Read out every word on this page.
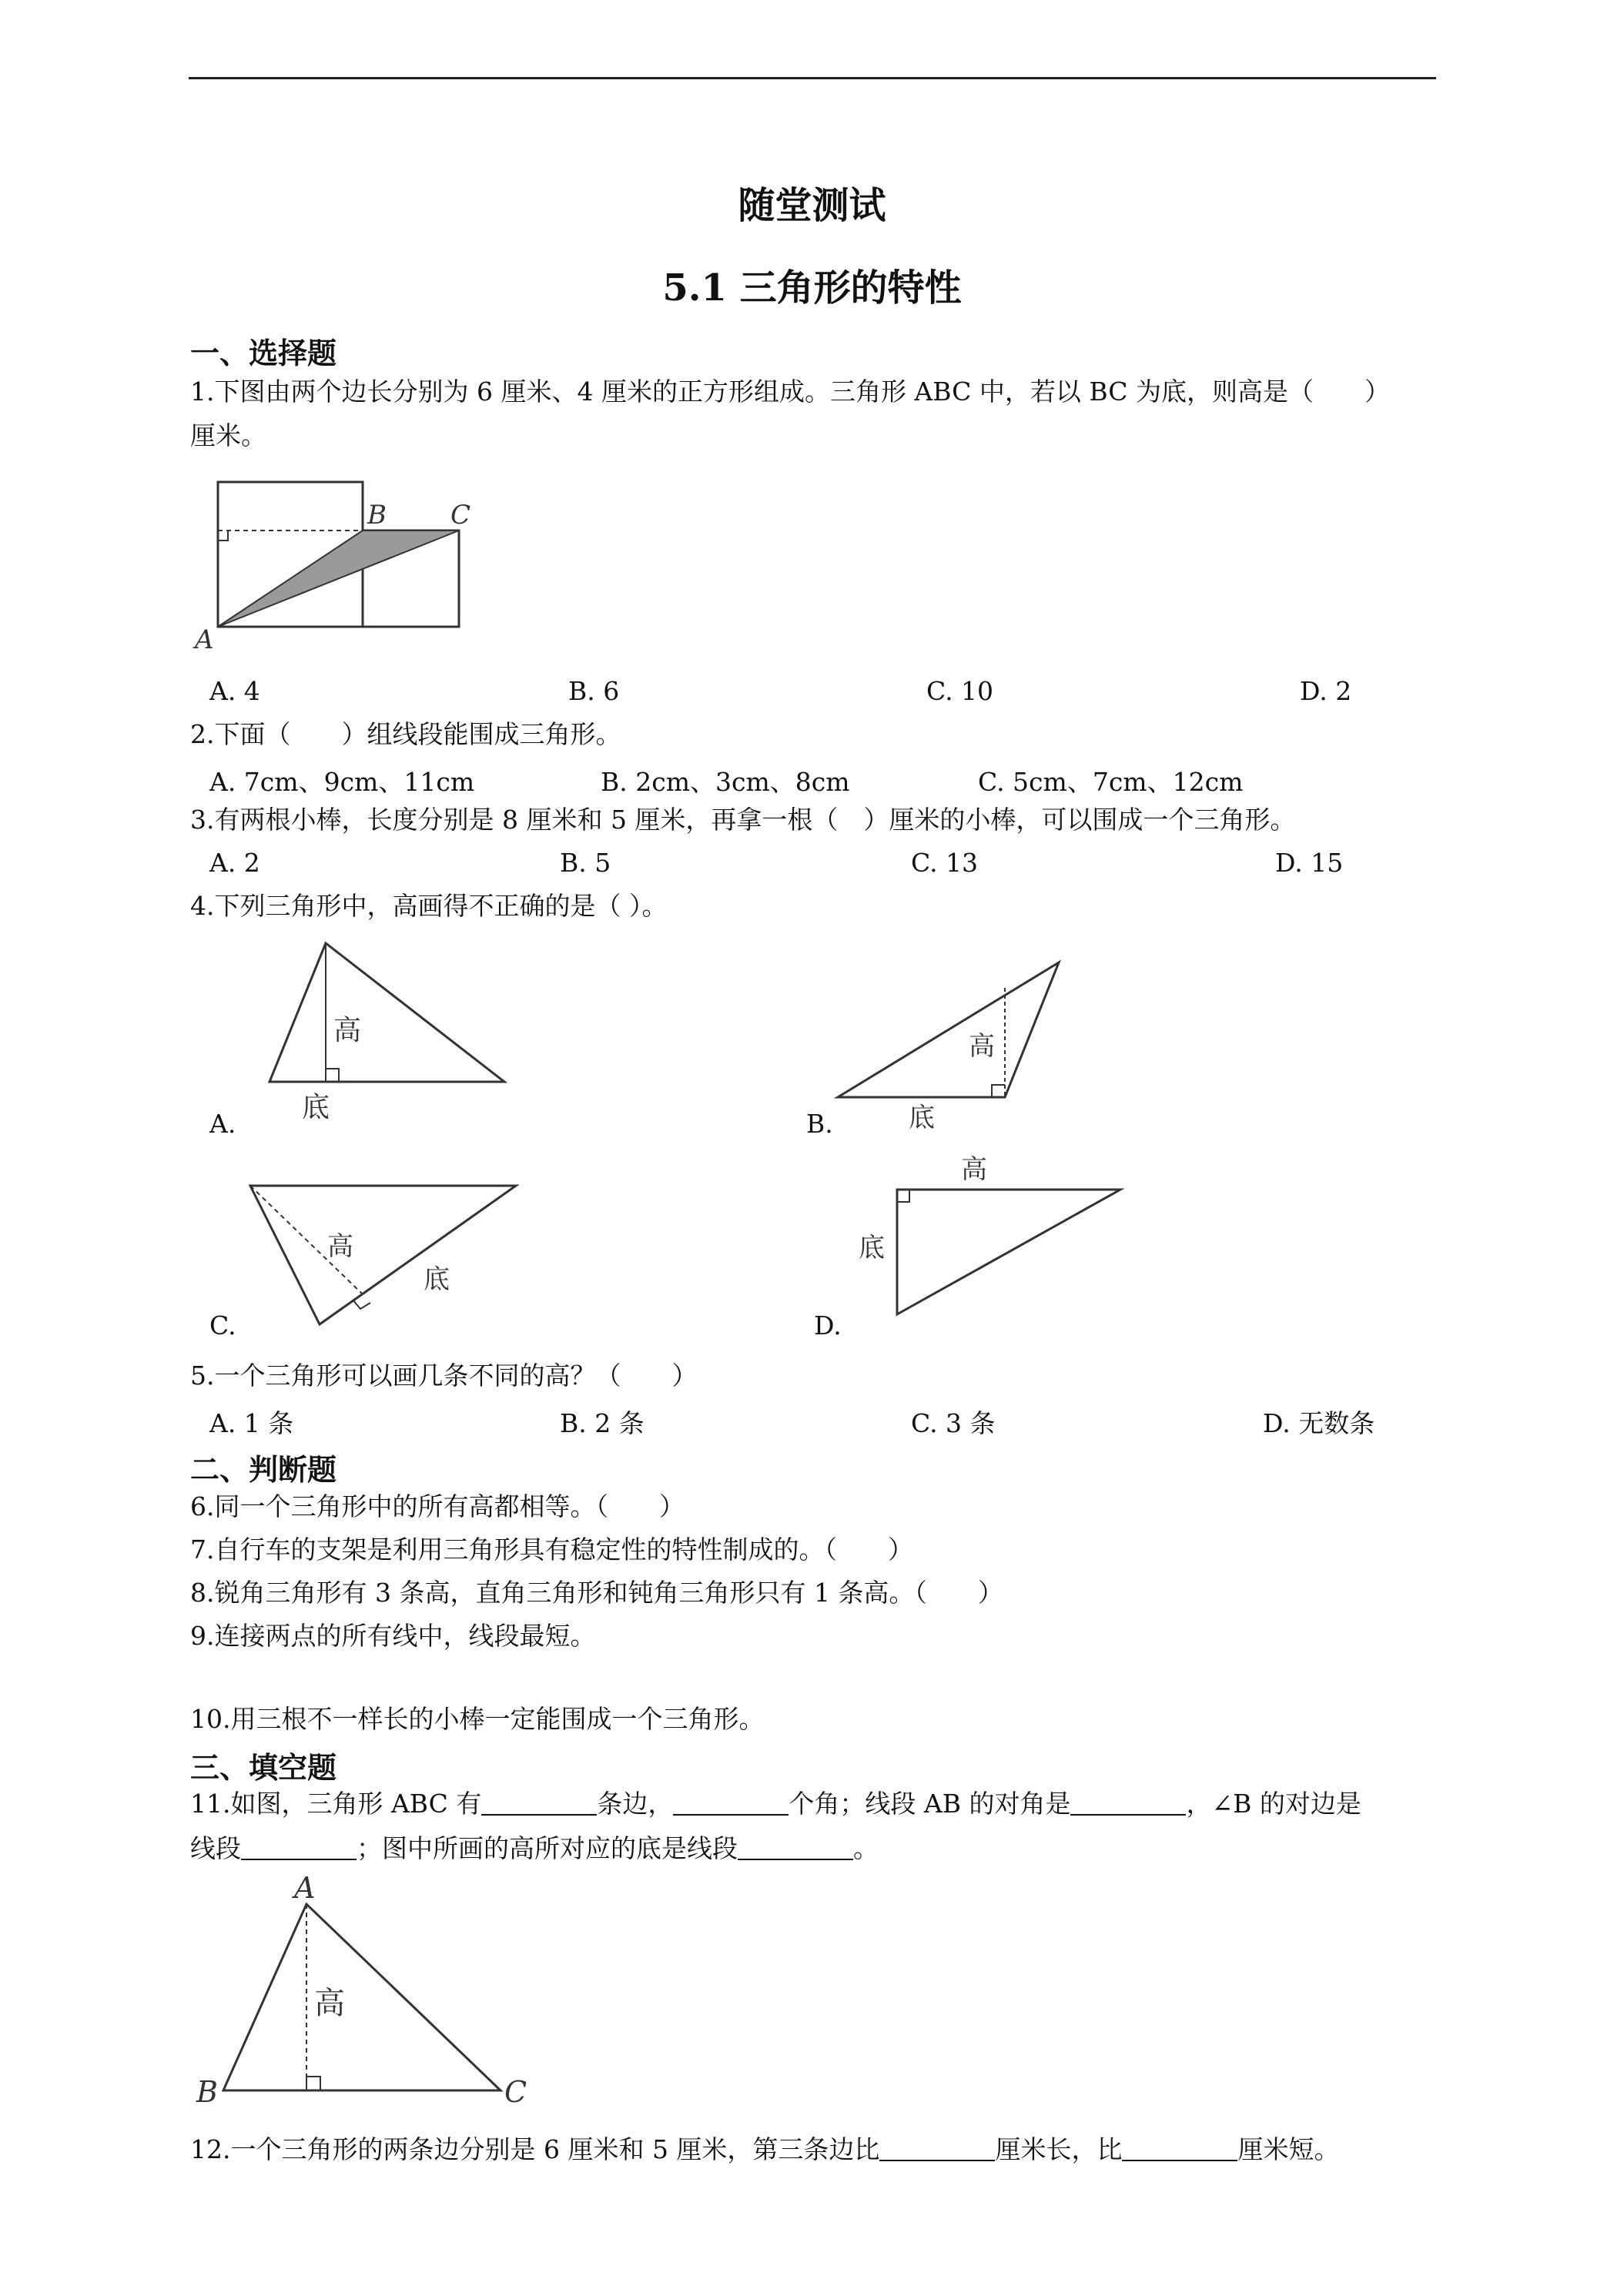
随堂测试
5.1 三角形的特性
一、选择题
1.下图由两个边长分别为 6 厘米、4 厘米的正方形组成。三角形 ABC 中，若以 BC 为底，则高是（　　）
厘米。
A
B C
A. 4	B. 6	C. 10	D. 2
2.下面（　　）组线段能围成三角形。
A. 7cm、9cm、11cm	B. 2cm、3cm、8cm	C. 5cm、7cm、12cm
3.有两根小棒，长度分别是 8 厘米和 5 厘米，再拿一根（　）厘米的小棒，可以围成一个三角形。
A. 2	B. 5	C. 13	D. 15
4.下列三角形中，高画得不正确的是（ ）。
高
底
A.
高
底
B.
高
底
C.
高
底
D.
5.一个三角形可以画几条不同的高？（　　）
A. 1 条	B. 2 条	C. 3 条	D. 无数条
二、判断题
6.同一个三角形中的所有高都相等。（　　）
7.自行车的支架是利用三角形具有稳定性的特性制成的。（　　）
8.锐角三角形有 3 条高，直角三角形和钝角三角形只有 1 条高。（　　）
9.连接两点的所有线中，线段最短。
10.用三根不一样长的小棒一定能围成一个三角形。
三、填空题
11.如图，三角形 ABC 有	条边，	个角；线段 AB 的对角是	，∠B 的对边是
线段	；图中所画的高所对应的底是线段	。
A
B	C
高
12.一个三角形的两条边分别是 6 厘米和 5 厘米，第三条边比	厘米长，比	厘米短。
